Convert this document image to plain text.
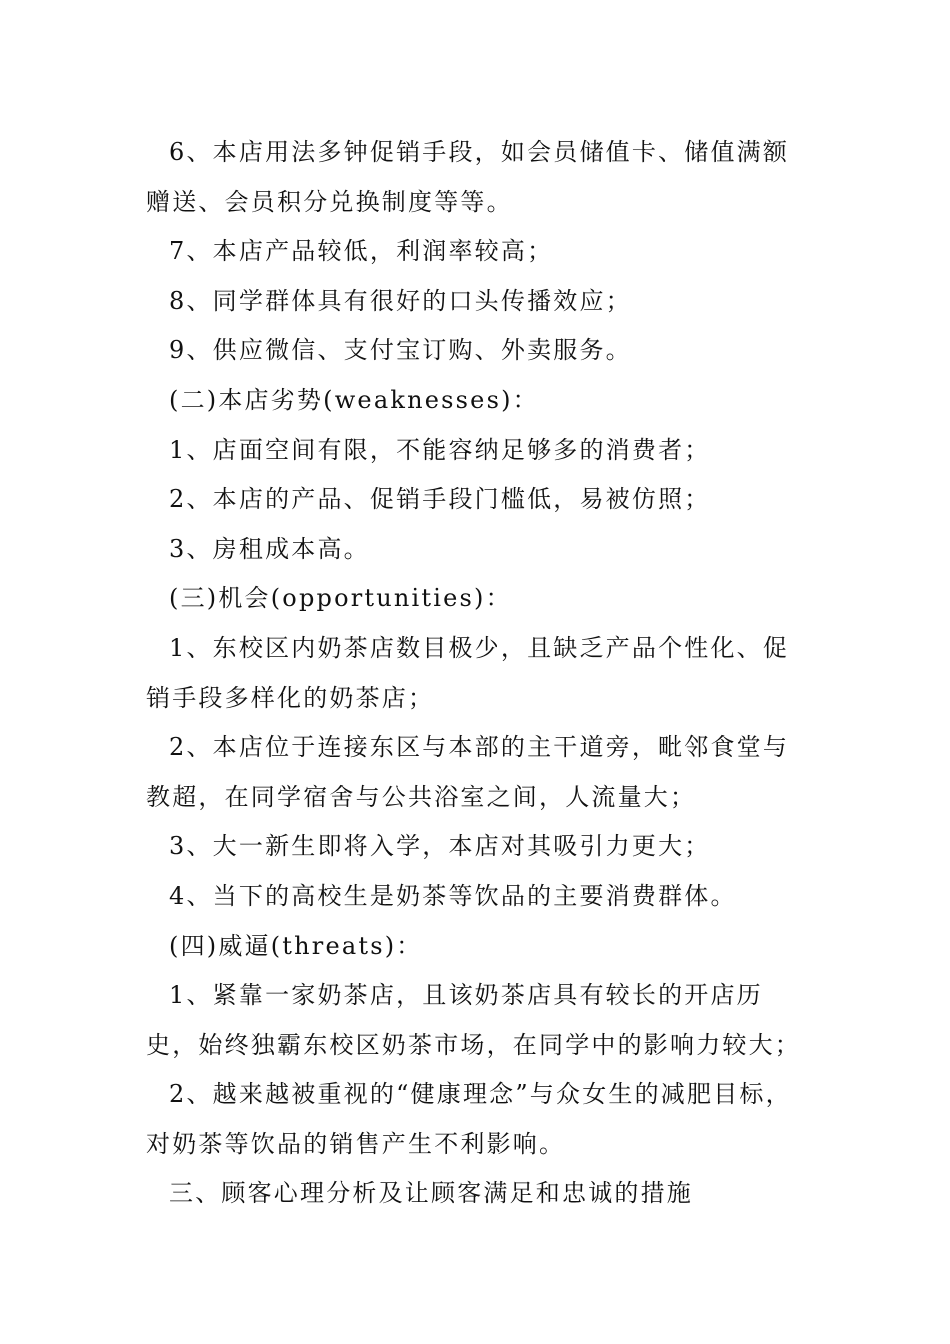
6、本店用法多钟促销手段，如会员储值卡、储值满额赠送、会员积分兑换制度等等。

7、本店产品较低，利润率较高；

8、同学群体具有很好的口头传播效应；

9、供应微信、支付宝订购、外卖服务。

(二)本店劣势(weaknesses)：

1、店面空间有限，不能容纳足够多的消费者；

2、本店的产品、促销手段门槛低，易被仿照；

3、房租成本高。

(三)机会(opportunities)：

1、东校区内奶茶店数目极少，且缺乏产品个性化、促销手段多样化的奶茶店；

2、本店位于连接东区与本部的主干道旁，毗邻食堂与教超，在同学宿舍与公共浴室之间，人流量大；

3、大一新生即将入学，本店对其吸引力更大；

4、当下的高校生是奶茶等饮品的主要消费群体。

(四)威逼(threats)：

1、紧靠一家奶茶店，且该奶茶店具有较长的开店历史，始终独霸东校区奶茶市场，在同学中的影响力较大；

2、越来越被重视的“健康理念”与众女生的减肥目标，对奶茶等饮品的销售产生不利影响。

三、顾客心理分析及让顾客满足和忠诚的措施
